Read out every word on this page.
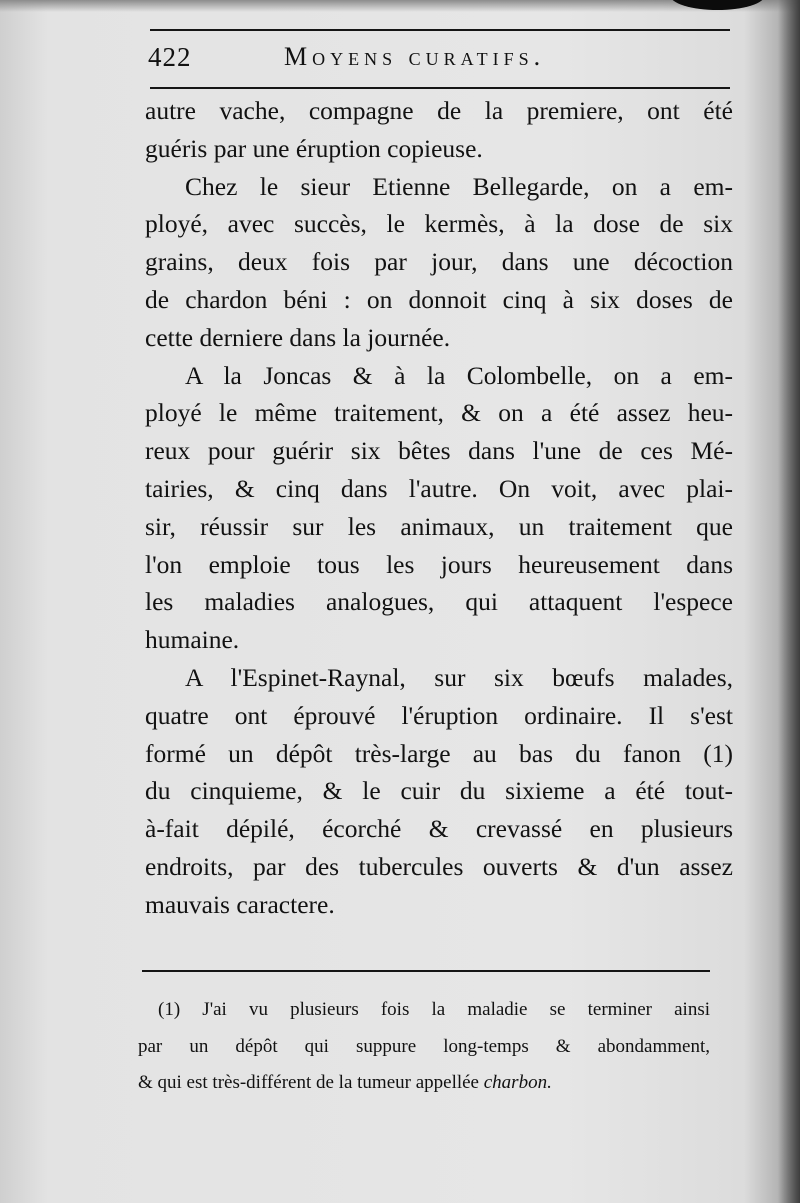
422	Moyens curatifs.
autre vache, compagne de la premiere, ont été
guéris par une éruption copieuse.
Chez le sieur Etienne Bellegarde, on a em-
ployé, avec succès, le kermès, à la dose de six
grains, deux fois par jour, dans une décoction
de chardon béni : on donnoit cinq à six doses de
cette derniere dans la journée.
A la Joncas & à la Colombelle, on a em-
ployé le même traitement, & on a été assez heu-
reux pour guérir six bêtes dans l'une de ces Mé-
tairies, & cinq dans l'autre. On voit, avec plai-
sir, réussir sur les animaux, un traitement que
l'on emploie tous les jours heureusement dans
les maladies analogues, qui attaquent l'espece
humaine.
A l'Espinet-Raynal, sur six bœufs malades,
quatre ont éprouvé l'éruption ordinaire. Il s'est
formé un dépôt très-large au bas du fanon (1)
du cinquieme, & le cuir du sixieme a été tout-
à-fait dépilé, écorché & crevassé en plusieurs
endroits, par des tubercules ouverts & d'un assez
mauvais caractere.
(1) J'ai vu plusieurs fois la maladie se terminer ainsi
par un dépôt qui suppure long-temps & abondamment,
& qui est très-différent de la tumeur appellée charbon.
